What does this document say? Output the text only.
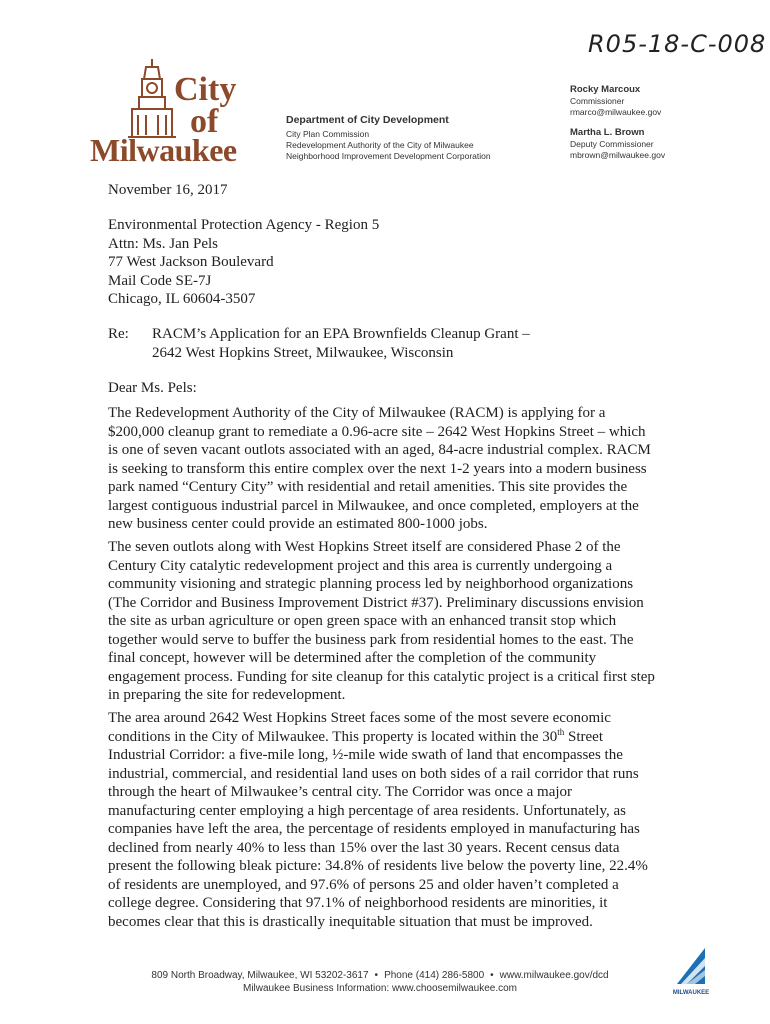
R05-18-C-008
City
of
Milwaukee
Department of City Development
City Plan Commission
Redevelopment Authority of the City of Milwaukee
Neighborhood Improvement Development Corporation
Rocky Marcoux
Commissioner
rmarco@milwaukee.gov
Martha L. Brown
Deputy Commissioner
mbrown@milwaukee.gov
November 16, 2017
Environmental Protection Agency - Region 5
Attn: Ms. Jan Pels
77 West Jackson Boulevard
Mail Code SE-7J
Chicago, IL 60604-3507
Re: RACM’s Application for an EPA Brownfields Cleanup Grant –
2642 West Hopkins Street, Milwaukee, Wisconsin
Dear Ms. Pels:
The Redevelopment Authority of the City of Milwaukee (RACM) is applying for a
$200,000 cleanup grant to remediate a 0.96-acre site – 2642 West Hopkins Street – which
is one of seven vacant outlots associated with an aged, 84-acre industrial complex. RACM
is seeking to transform this entire complex over the next 1-2 years into a modern business
park named “Century City” with residential and retail amenities. This site provides the
largest contiguous industrial parcel in Milwaukee, and once completed, employers at the
new business center could provide an estimated 800-1000 jobs.
The seven outlots along with West Hopkins Street itself are considered Phase 2 of the
Century City catalytic redevelopment project and this area is currently undergoing a
community visioning and strategic planning process led by neighborhood organizations
(The Corridor and Business Improvement District #37). Preliminary discussions envision
the site as urban agriculture or open green space with an enhanced transit stop which
together would serve to buffer the business park from residential homes to the east. The
final concept, however will be determined after the completion of the community
engagement process. Funding for site cleanup for this catalytic project is a critical first step
in preparing the site for redevelopment.
The area around 2642 West Hopkins Street faces some of the most severe economic
conditions in the City of Milwaukee. This property is located within the 30th Street
Industrial Corridor: a five-mile long, ½-mile wide swath of land that encompasses the
industrial, commercial, and residential land uses on both sides of a rail corridor that runs
through the heart of Milwaukee’s central city. The Corridor was once a major
manufacturing center employing a high percentage of area residents. Unfortunately, as
companies have left the area, the percentage of residents employed in manufacturing has
declined from nearly 40% to less than 15% over the last 30 years. Recent census data
present the following bleak picture: 34.8% of residents live below the poverty line, 22.4%
of residents are unemployed, and 97.6% of persons 25 and older haven’t completed a
college degree. Considering that 97.1% of neighborhood residents are minorities, it
becomes clear that this is drastically inequitable situation that must be improved.
809 North Broadway, Milwaukee, WI 53202-3617 • Phone (414) 286-5800 • www.milwaukee.gov/dcd
Milwaukee Business Information: www.choosemilwaukee.com	MILWAUKEE
